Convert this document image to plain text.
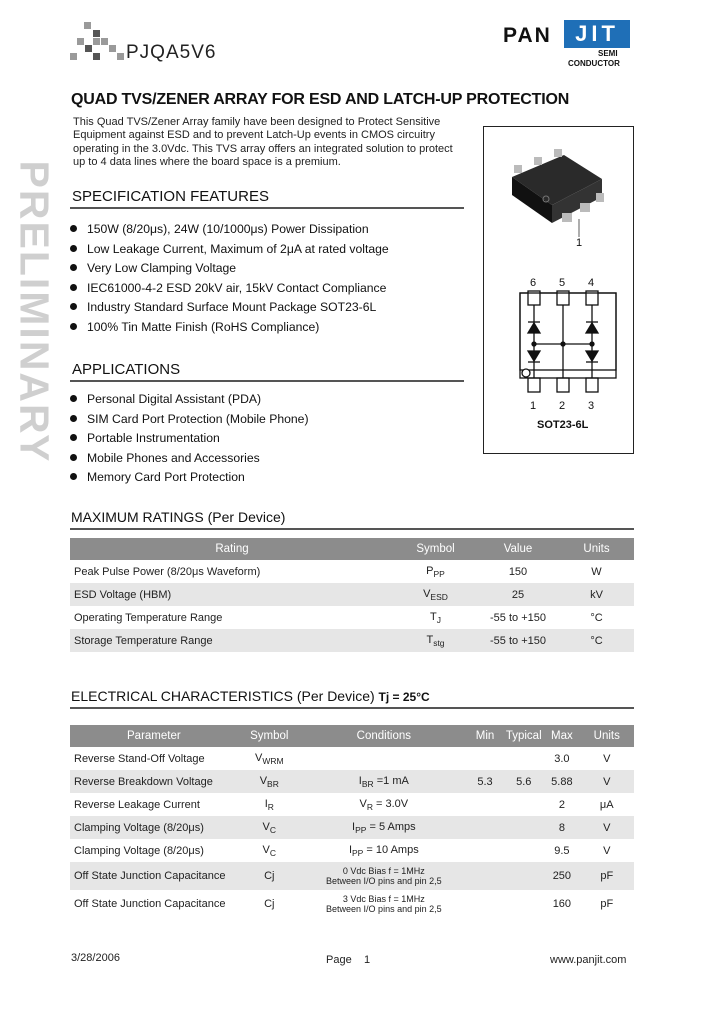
PJQA5V6
PAN	JIT
SEMI
CONDUCTOR
QUAD TVS/ZENER ARRAY FOR ESD AND LATCH-UP PROTECTION
This Quad TVS/Zener Array family have been designed to Protect Sensitive Equipment against ESD and to prevent Latch-Up events in CMOS circuitry operating in the 3.0Vdc. This TVS array offers an integrated solution to protect up to 4 data lines where the board space is a premium.
PRELIMINARY SPECIFICATION FEATURES
150W (8/20μs), 24W (10/1000μs) Power Dissipation
Low Leakage Current, Maximum of 2μA at rated voltage
Very Low Clamping Voltage
IEC61000-4-2 ESD 20kV air, 15kV Contact Compliance
Industry Standard Surface Mount Package SOT23-6L
100% Tin Matte Finish (RoHS Compliance)
APPLICATIONS
Personal Digital Assistant (PDA)
SIM Card Port Protection (Mobile Phone)
Portable Instrumentation
Mobile Phones and Accessories
Memory Card Port Protection
1
6 5 4
1 2 3
SOT23-6L
MAXIMUM RATINGS (Per Device)
Rating	Symbol	Value	Units
Peak Pulse Power (8/20μs Waveform)	$P_{PP}$	150	W
ESD Voltage (HBM)	$V_{ESD}$	25	kV
Operating Temperature Range	$T_J$	-55 to +150	°C
Storage Temperature Range	$T_{stg}$	-55 to +150	°C
ELECTRICAL CHARACTERISTICS (Per Device) Tj = 25°C
Parameter	Symbol	Conditions	Min	Typical	Max	Units
Reverse Stand-Off Voltage	$V_{WRM}$				3.0	V
Reverse Breakdown Voltage	$V_{BR}$	$I_{BR} =1$ mA	5.3	5.6	5.88	V
Reverse Leakage Current	$I_R$	$V_R = 3.0V$			2	μA
Clamping Voltage (8/20μs)	$V_C$	$I_{PP} = 5$ Amps			8	V
Clamping Voltage (8/20μs)	$V_C$	$I_{PP} = 10$ Amps			9.5	V
Off State Junction Capacitance	Cj	0 Vdc Bias f = 1MHz
Between I/O pins and pin 2,5			250	pF
Off State Junction Capacitance	Cj	3 Vdc Bias f = 1MHz
Between I/O pins and pin 2,5			160	pF
3/28/2006	Page 1	www.panjit.com
